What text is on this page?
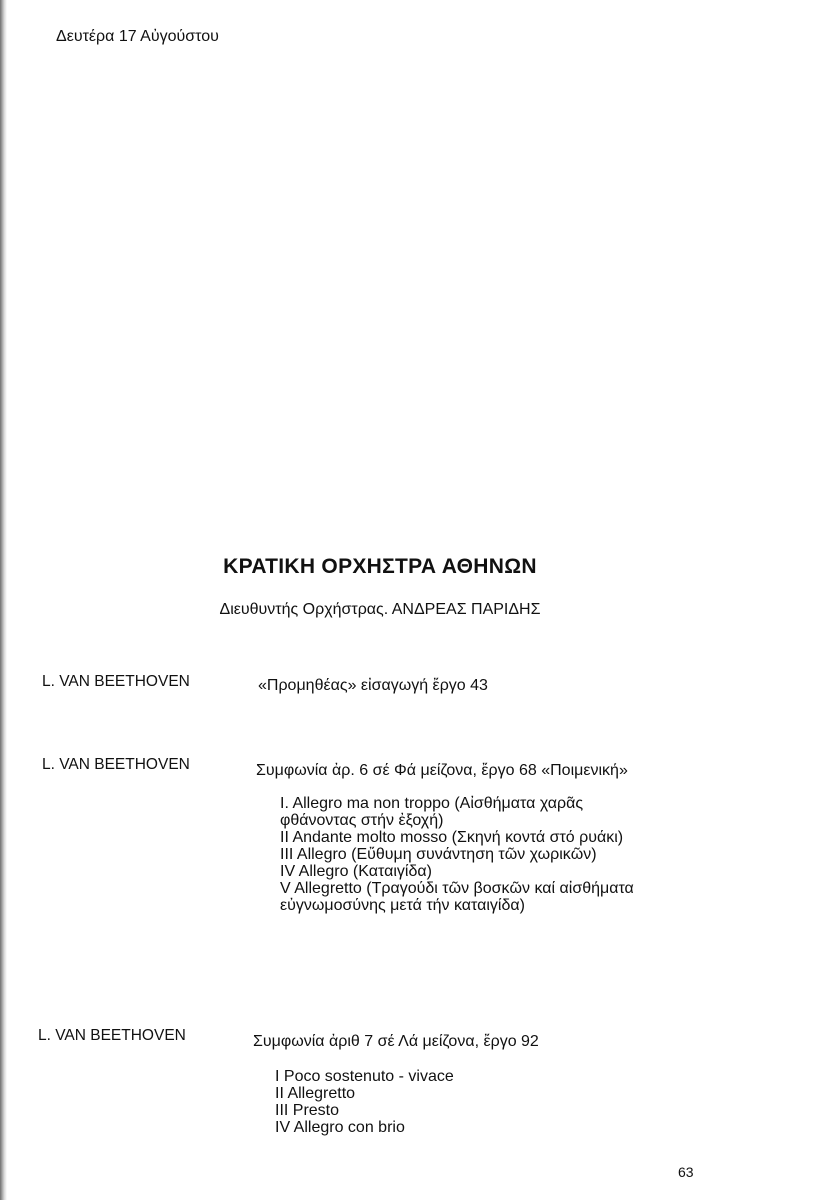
Δευτέρα 17 Αὐγούστου
ΚΡΑΤΙΚΗ ΟΡΧΗΣΤΡΑ ΑΘΗΝΩΝ
Διευθυντής Ορχήστρας. ΑΝΔΡΕΑΣ ΠΑΡΙΔΗΣ
L. VAN BEETHOVEN	«Προμηθέας» εἰσαγωγή ἔργο 43
L. VAN BEETHOVEN	Συμφωνία ἀρ. 6 σέ Φά μείζονα, ἔργο 68 «Ποιμενική»
I. Allegro ma non troppo (Αἰσθήματα χαρᾶς
φθάνοντας στήν ἐξοχή)
II Andante molto mosso (Σκηνή κοντά στό ρυάκι)
III Allegro (Εὔθυμη συνάντηση τῶν χωρικῶν)
IV Allegro (Καταιγίδα)
V Allegretto (Τραγούδι τῶν βοσκῶν καί αἰσθήματα
εὐγνωμοσύνης μετά τήν καταιγίδα)
L. VAN BEETHOVEN	Συμφωνία ἀριθ 7 σέ Λά μείζονα, ἔργο 92
I Poco sostenuto - vivace
II Allegretto
III Presto
IV Allegro con brio
63
